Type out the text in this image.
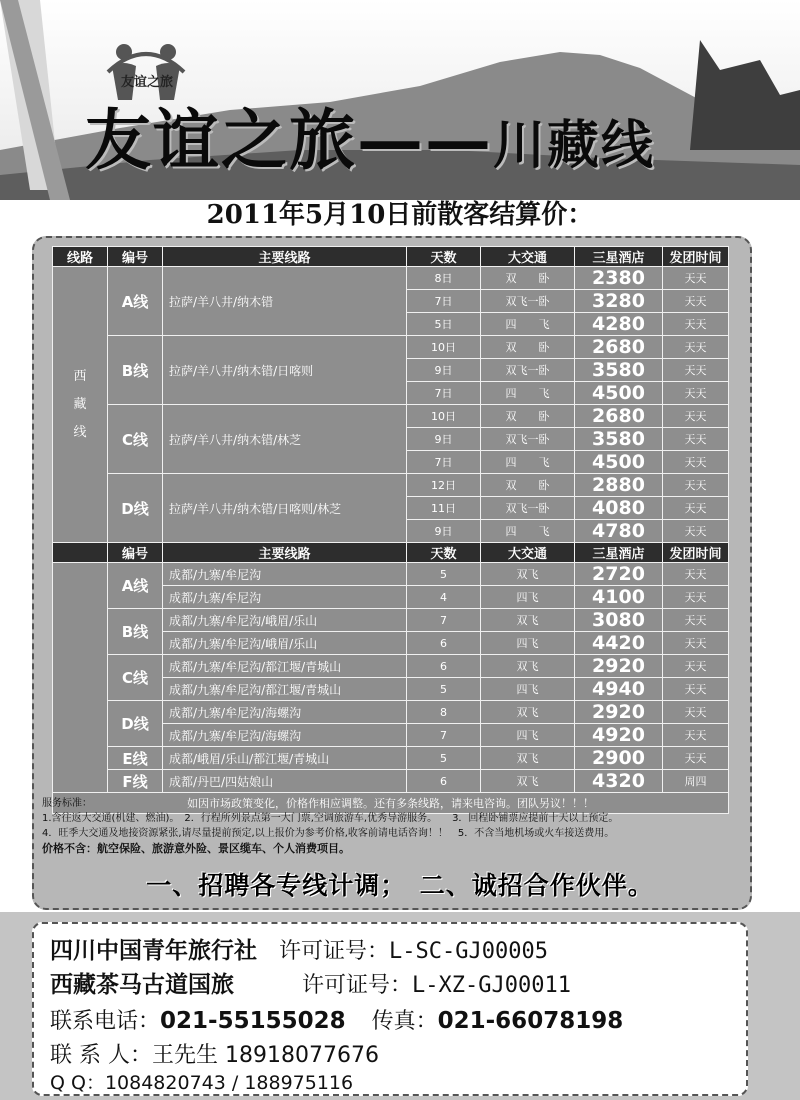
友谊之旅
友谊之旅——川藏线
2011年5月10日前散客结算价：
线路	编号	主要线路	天数	大交通	三星酒店	发团时间
西
藏
线	A线	拉萨/羊八井/纳木错	8日	双　　卧	2380	天天
			7日	双飞一卧	3280	天天
			5日	四　　飞	4280	天天
	B线	拉萨/羊八井/纳木错/日喀则	10日	双　　卧	2680	天天
			9日	双飞一卧	3580	天天
			7日	四　　飞	4500	天天
	C线	拉萨/羊八井/纳木错/林芝	10日	双　　卧	2680	天天
			9日	双飞一卧	3580	天天
			7日	四　　飞	4500	天天
	D线	拉萨/羊八井/纳木错/日喀则/林芝	12日	双　　卧	2880	天天
			11日	双飞一卧	4080	天天
			9日	四　　飞	4780	天天
	编号	主要线路	天数	大交通	三星酒店	发团时间
	A线	成都/九寨/牟尼沟	5	双飞	2720	天天
		成都/九寨/牟尼沟	4	四飞	4100	天天
	B线	成都/九寨/牟尼沟/峨眉/乐山	7	双飞	3080	天天
		成都/九寨/牟尼沟/峨眉/乐山	6	四飞	4420	天天
	C线	成都/九寨/牟尼沟/都江堰/青城山	6	双飞	2920	天天
		成都/九寨/牟尼沟/都江堰/青城山	5	四飞	4940	天天
	D线	成都/九寨/牟尼沟/海螺沟	8	双飞	2920	天天
		成都/九寨/牟尼沟/海螺沟	7	四飞	4920	天天
	E线	成都/峨眉/乐山/都江堰/青城山	5	双飞	2900	天天
	F线	成都/丹巴/四姑娘山	6	双飞	4320	周四
如因市场政策变化，价格作相应调整。还有多条线路，请来电咨询。团队另议！！！						
服务标准：
1.含往返大交通(机建、燃油)。　2．行程所列景点第一大门票,空调旅游车,优秀导游服务。　　3．回程卧铺票应提前十天以上预定。
4．旺季大交通及地接资源紧张,请尽量提前预定,以上报价为参考价格,收客前请电话咨询！！　5．不含当地机场或火车接送费用。
价格不含：航空保险、旅游意外险、景区缆车、个人消费项目。
一、招聘各专线计调；　二、诚招合作伙伴。
四川中国青年旅行社 许可证号：L-SC-GJ00005
西藏茶马古道国旅	许可证号：L-XZ-GJ00011
联系电话：021-55155028 传真：021-66078198
联 系 人：王先生 18918077676
Q Q：1084820743 / 188975116
